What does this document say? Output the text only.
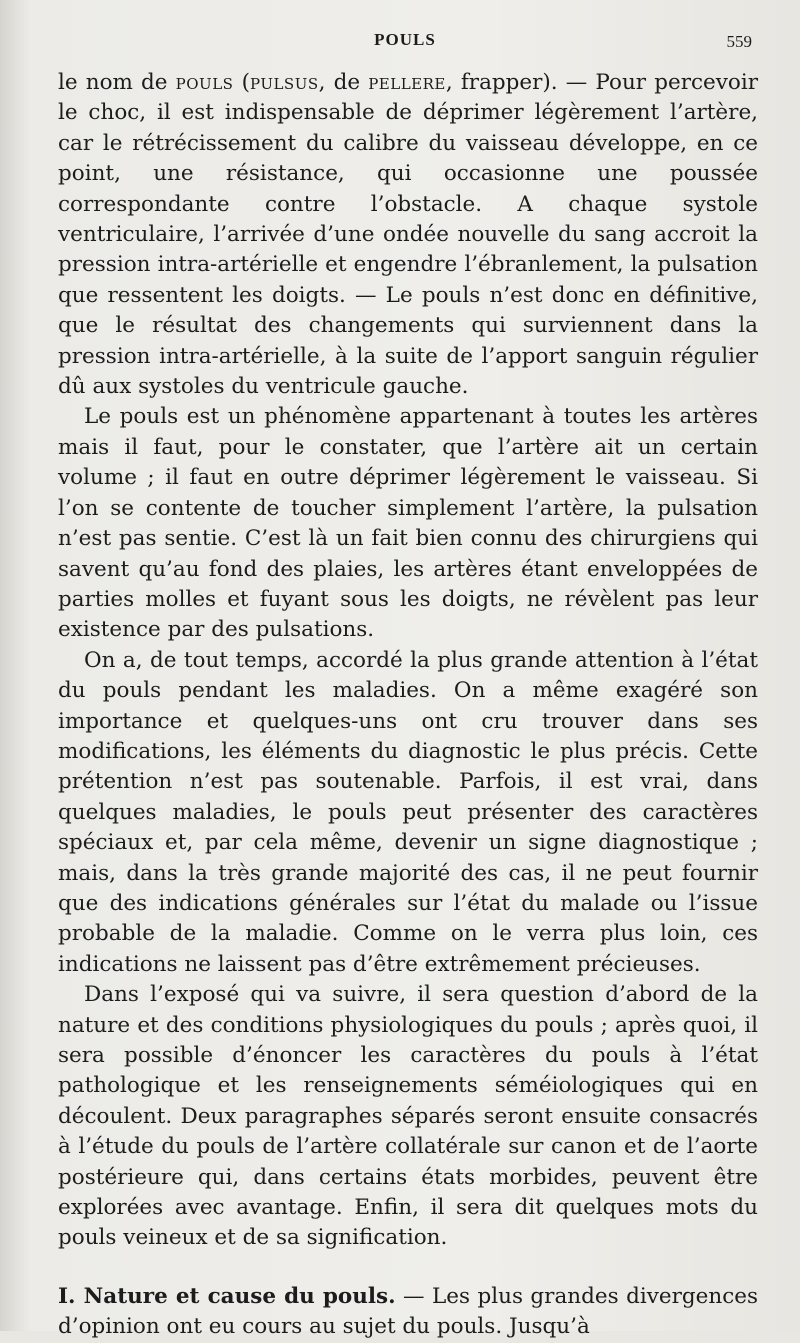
POULS	559

le nom de pouls (pulsus, de pellere, frapper). — Pour percevoir le choc, il est indispensable de déprimer légèrement l’artère, car le rétrécissement du calibre du vaisseau développe, en ce point, une résistance, qui occasionne une poussée correspondante contre l’obstacle. A chaque systole ventriculaire, l’arrivée d’une ondée nouvelle du sang accroit la pression intra-artérielle et engendre l’ébranlement, la pulsation que ressentent les doigts. — Le pouls n’est donc en définitive, que le résultat des changements qui surviennent dans la pression intra-artérielle, à la suite de l’apport sanguin régulier dû aux systoles du ventricule gauche.

Le pouls est un phénomène appartenant à toutes les artères mais il faut, pour le constater, que l’artère ait un certain volume ; il faut en outre déprimer légèrement le vaisseau. Si l’on se contente de toucher simplement l’artère, la pulsation n’est pas sentie. C’est là un fait bien connu des chirurgiens qui savent qu’au fond des plaies, les artères étant enveloppées de parties molles et fuyant sous les doigts, ne révèlent pas leur existence par des pulsations.

On a, de tout temps, accordé la plus grande attention à l’état du pouls pendant les maladies. On a même exagéré son importance et quelques-uns ont cru trouver dans ses modifications, les éléments du diagnostic le plus précis. Cette prétention n’est pas soutenable. Parfois, il est vrai, dans quelques maladies, le pouls peut présenter des caractères spéciaux et, par cela même, devenir un signe diagnostique ; mais, dans la très grande majorité des cas, il ne peut fournir que des indications générales sur l’état du malade ou l’issue probable de la maladie. Comme on le verra plus loin, ces indications ne laissent pas d’être extrêmement précieuses.

Dans l’exposé qui va suivre, il sera question d’abord de la nature et des conditions physiologiques du pouls ; après quoi, il sera possible d’énoncer les caractères du pouls à l’état pathologique et les renseignements séméiologiques qui en découlent. Deux paragraphes séparés seront ensuite consacrés à l’étude du pouls de l’artère collatérale sur canon et de l’aorte postérieure qui, dans certains états morbides, peuvent être explorées avec avantage. Enfin, il sera dit quelques mots du pouls veineux et de sa signification.

I. Nature et cause du pouls. — Les plus grandes divergences d’opinion ont eu cours au sujet du pouls. Jusqu’à
